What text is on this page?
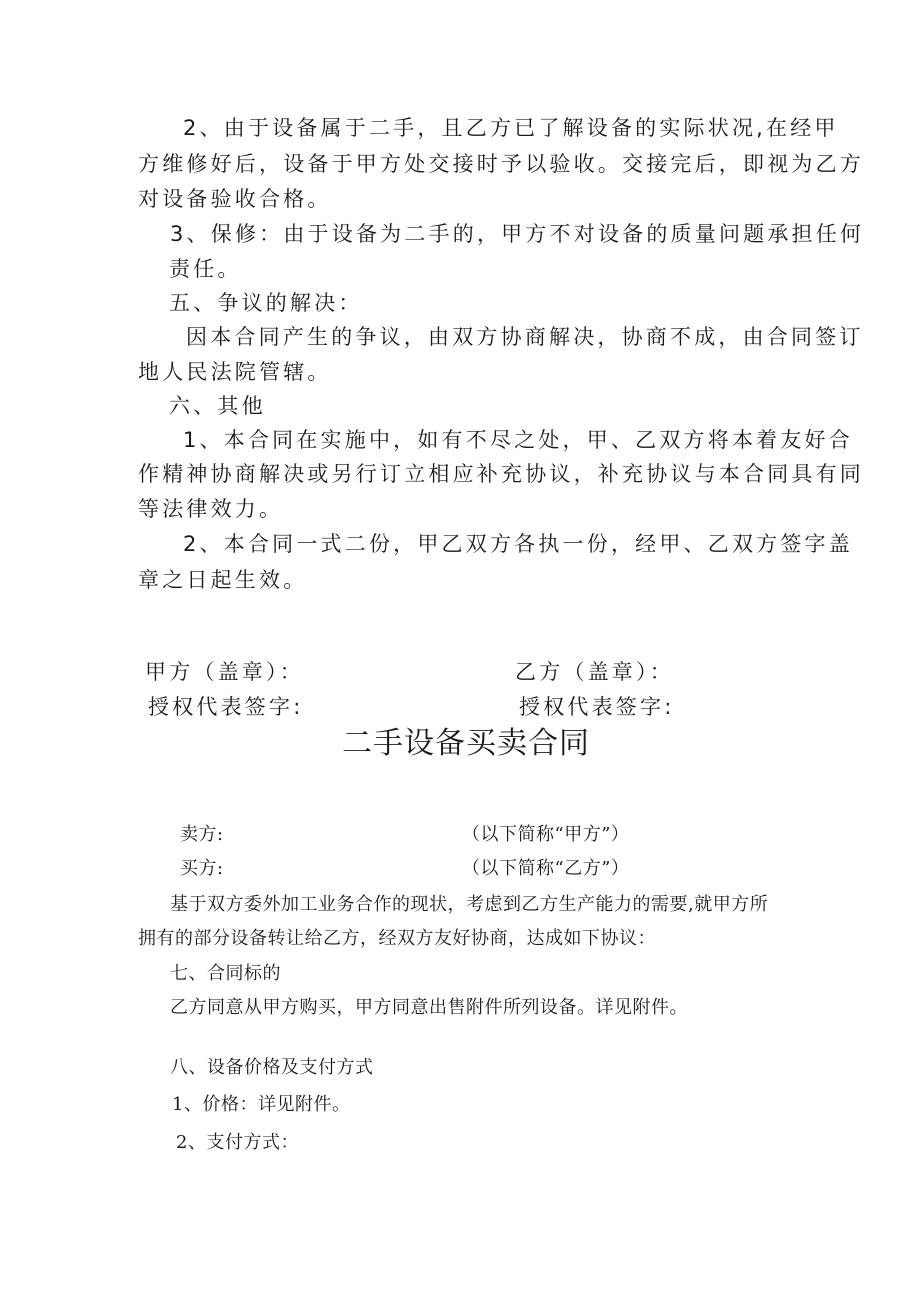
2、由于设备属于二手，且乙方已了解设备的实际状况,在经甲
方维修好后，设备于甲方处交接时予以验收。交接完后，即视为乙方
对设备验收合格。
3、保修：由于设备为二手的，甲方不对设备的质量问题承担任何
责任。
五、争议的解决：
因本合同产生的争议，由双方协商解决，协商不成，由合同签订
地人民法院管辖。
六、其他
1、本合同在实施中，如有不尽之处，甲、乙双方将本着友好合
作精神协商解决或另行订立相应补充协议，补充协议与本合同具有同
等法律效力。
2、本合同一式二份，甲乙双方各执一份，经甲、乙双方签字盖
章之日起生效。
甲方（盖章）：	乙方（盖章）：
授权代表签字:	授权代表签字:
二手设备买卖合同
卖方:	（以下简称“甲方”）
买方:	（以下简称“乙方”）
基于双方委外加工业务合作的现状，考虑到乙方生产能力的需要,就甲方所
拥有的部分设备转让给乙方，经双方友好协商，达成如下协议：
七、合同标的
乙方同意从甲方购买，甲方同意出售附件所列设备。详见附件。
八、设备价格及支付方式
1、价格：详见附件。
2、支付方式：
